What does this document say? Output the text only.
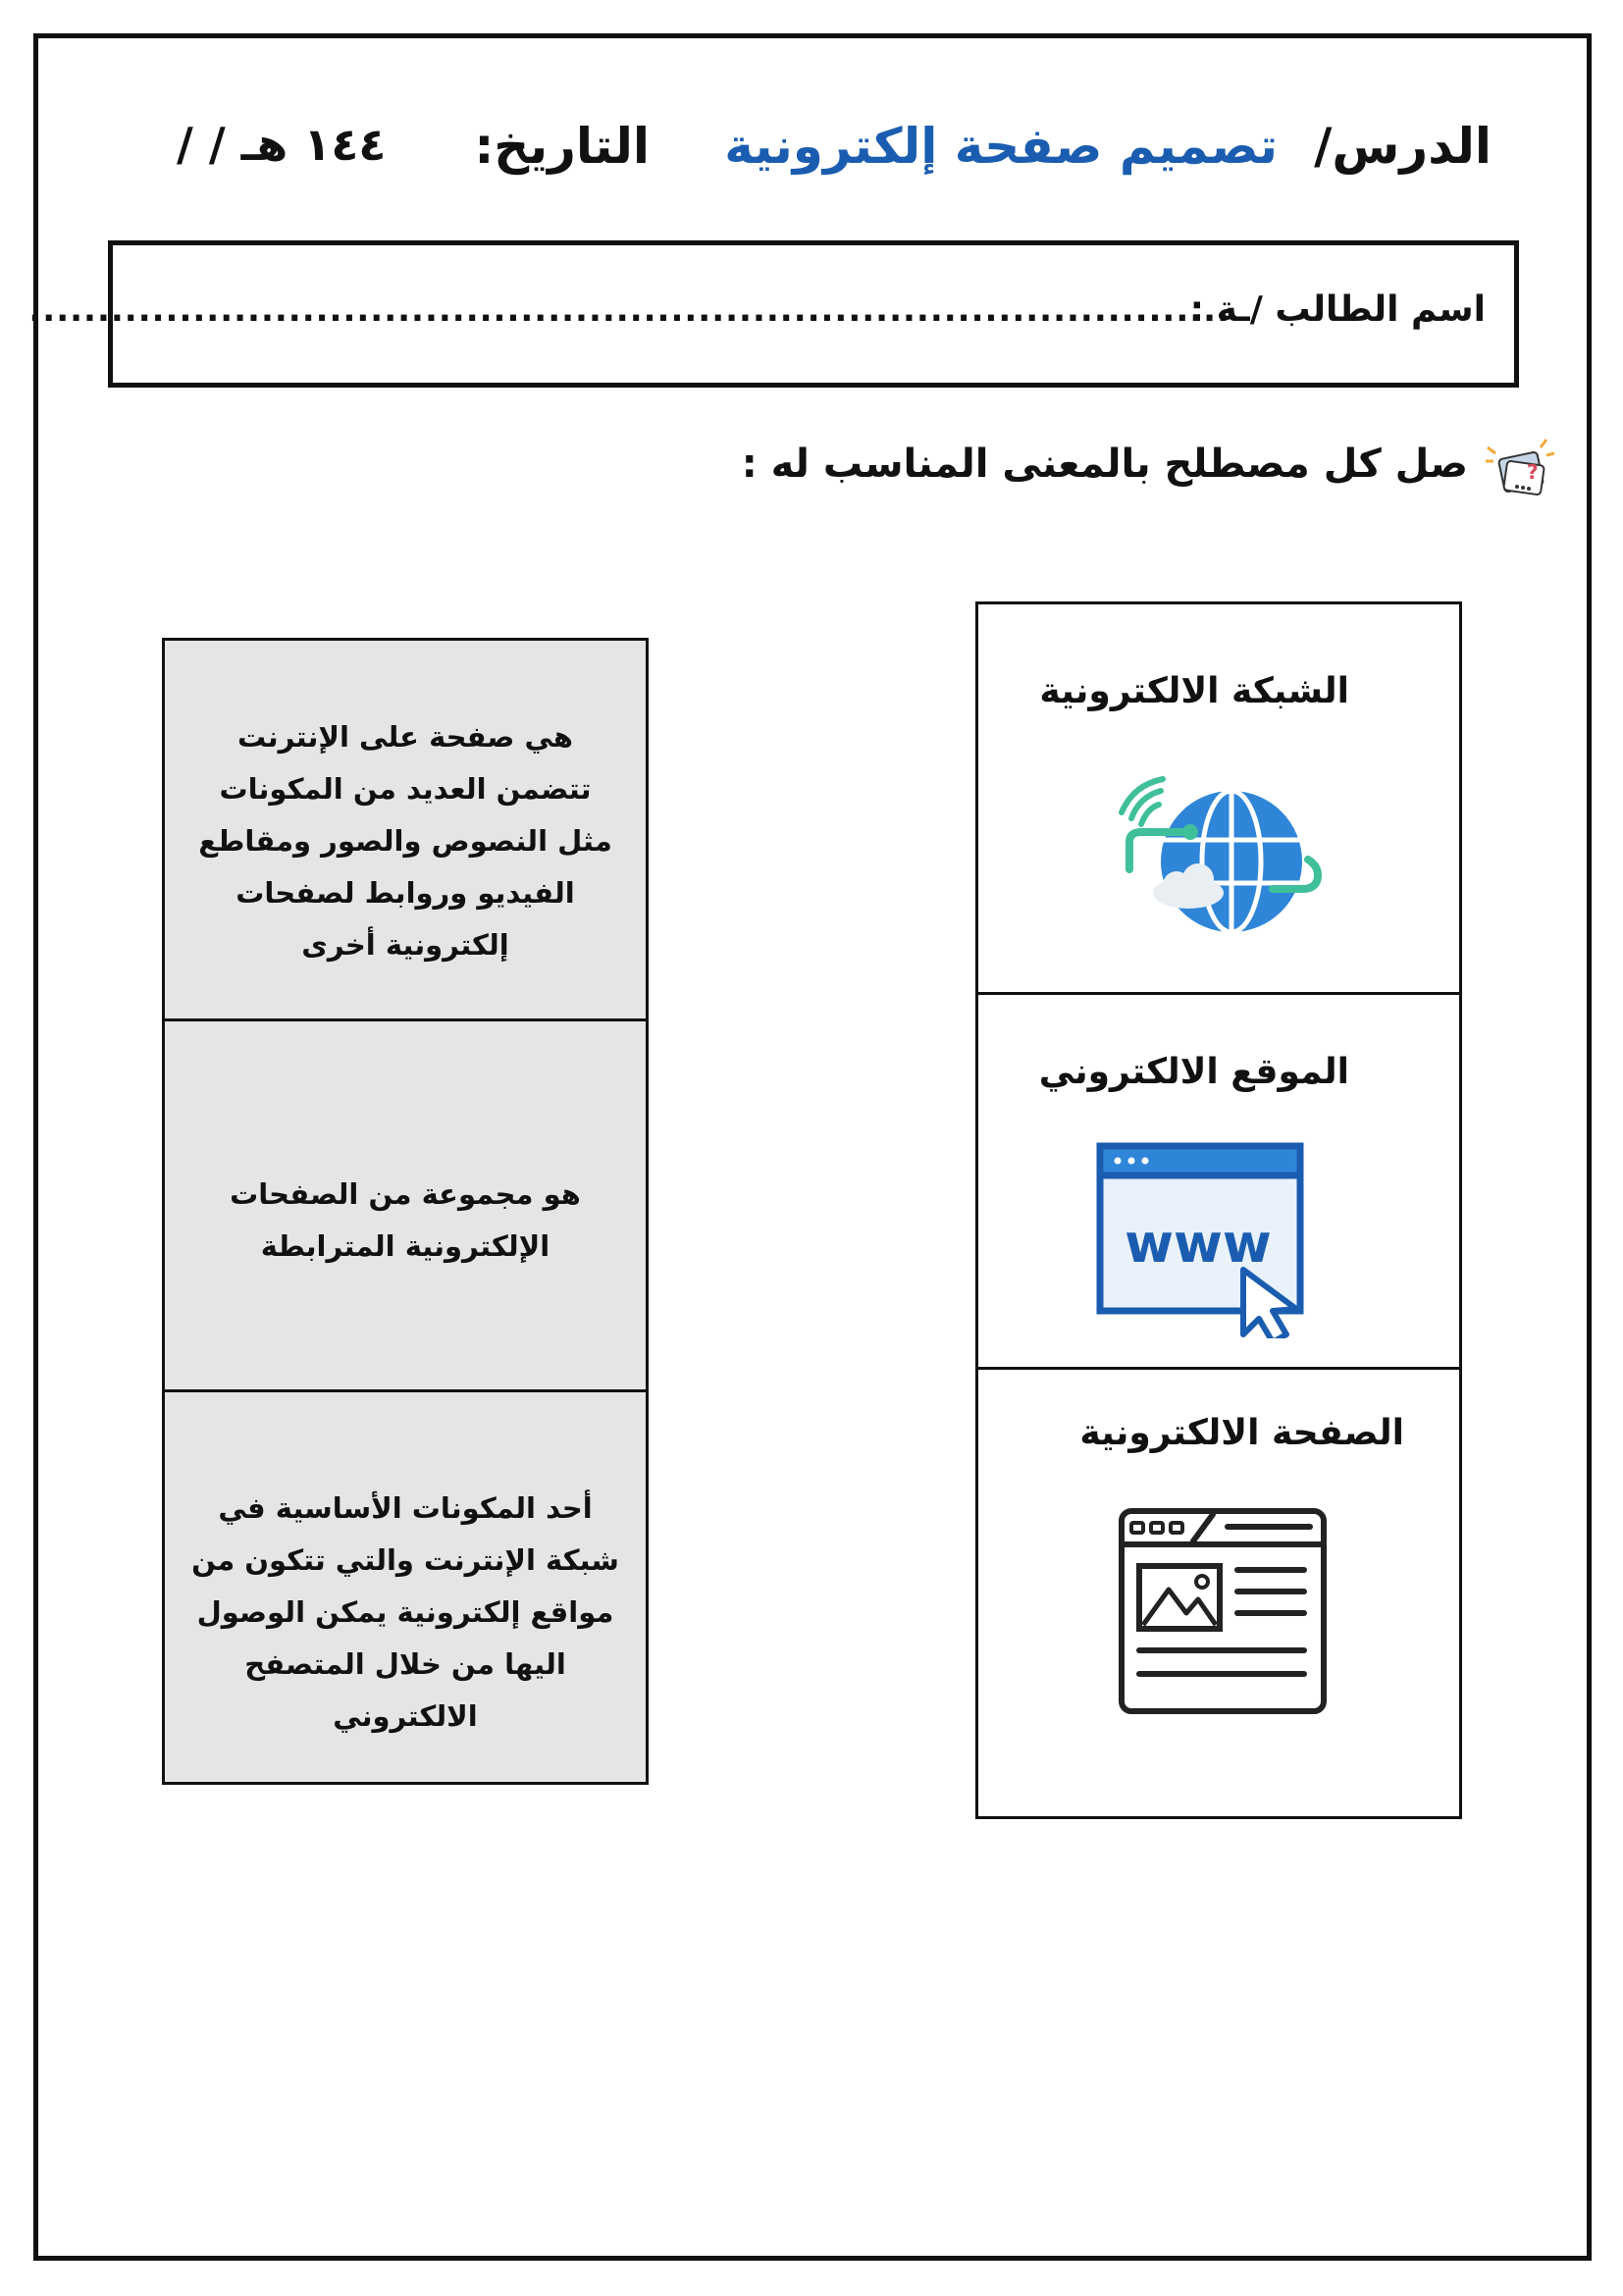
الدرس/
تصميم صفحة إلكترونية
التاريخ:
/ / ١٤٤ هـ
اسم الطالب /ـة :
........................................................................................
?
صل كل مصطلح بالمعنى المناسب له :
الشبكة الالكترونية
الموقع الالكتروني
www
الصفحة الالكترونية
هي صفحة على الإنترنت
تتضمن العديد من المكونات
مثل النصوص والصور ومقاطع
الفيديو وروابط لصفحات
إلكترونية أخرى
هو مجموعة من الصفحات
الإلكترونية المترابطة
أحد المكونات الأساسية في
شبكة الإنترنت والتي تتكون من
مواقع إلكترونية يمكن الوصول
اليها من خلال المتصفح
الالكتروني
